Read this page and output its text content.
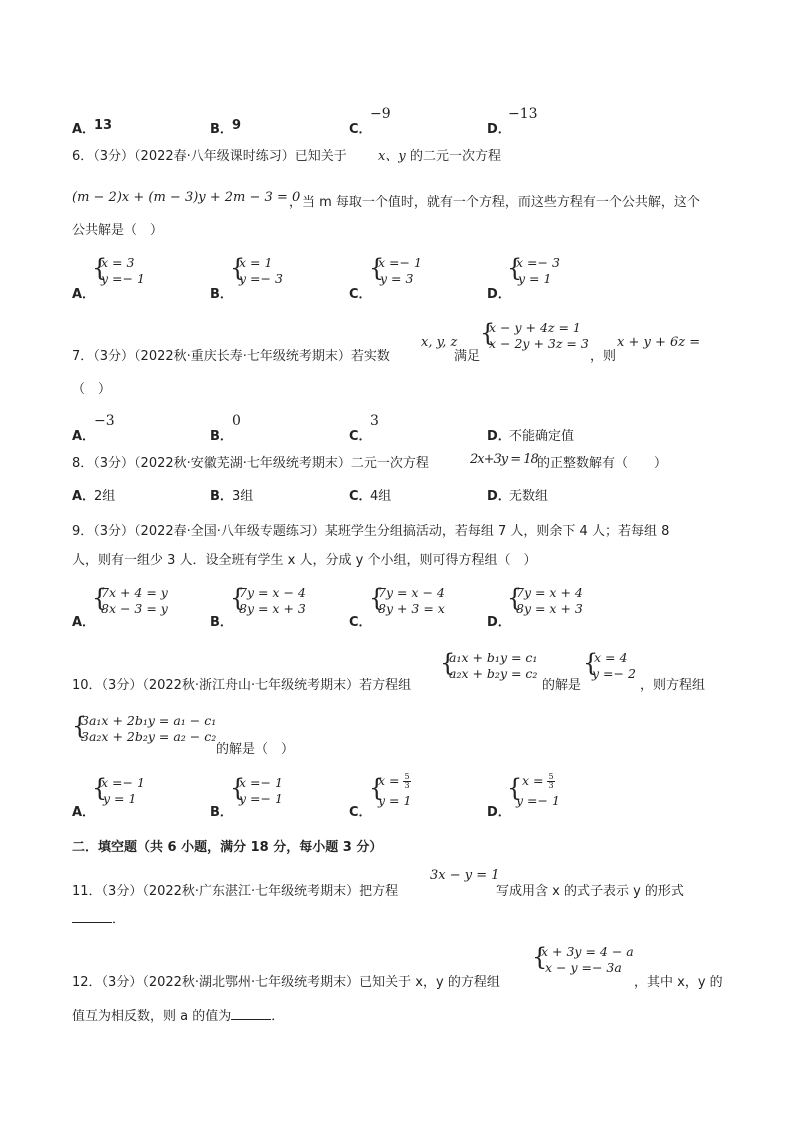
A．
13	B． 9	C．
−9
D．
−13
6．（3分）（2022春·八年级课时练习）已知关于 x、y 的二元一次方程
(m − 2)x + (m − 3)y + 2m − 3 = 0
，当 m 每取一个值时，就有一个方程，而这些方程有一个公共解，这个
公共解是（　）
A．
{
x = 3
y =− 1
B．
{
x = 1
y =− 3
C．
{
x =− 1
y = 3
D．
{
x =− 3
y = 1
7．（3分）（2022秋·重庆长寿·七年级统考期末）若实数
x, y, z
满足
{
x − y + 4z = 1
x − 2y + 3z = 3
，则
x + y + 6z =
（　）
A．
−3
B．
0
C．
3
D．
不能确定值
8．（3分）（2022秋·安徽芜湖·七年级统考期末）二元一次方程	2x+3y = 18 的正整数解有（　　）
A．
2组	B． 3组	C．
4组	D．
无数组
9．（3分）（2022春·全国·八年级专题练习）某班学生分组搞活动，若每组 7 人，则余下 4 人；若每组 8
人，则有一组少 3 人．设全班有学生 x 人，分成 y 个小组，则可得方程组（　）
A．
{
7x + 4 = y
8x − 3 = y
B．
{
7y = x − 4
8y = x + 3
C．
{
7y = x − 4
8y + 3 = x
D．
{
7y = x + 4
8y = x + 3
10．（3分）（2022秋·浙江舟山·七年级统考期末）若方程组
{
a₁x + b₁y = c₁
a₂x + b₂y = c₂
的解是
{
x = 4
y =− 2
，则方程组
{
3a₁x + 2b₁y = a₁ − c₁
3a₂x + 2b₂y = a₂ − c₂
的解是（　）
A．
{
x =− 1
y = 1
B．
{
x =− 1
y =− 1
C．
{
$x = \frac{5}{3}$
y = 1
D．
{ $x = \frac{5}{3}$
y =− 1
二．填空题（共 6 小题，满分 18 分，每小题 3 分）
11．（3分）（2022秋·广东湛江·七年级统考期末）把方程
3x − y = 1
写成用含 x 的式子表示 y 的形式
．
12．（3分）（2022秋·湖北鄂州·七年级统考期末）已知关于 x，y 的方程组
{
x + 3y = 4 − a
x − y =− 3a
，其中 x，y 的
值互为相反数，则 a 的值为	．
